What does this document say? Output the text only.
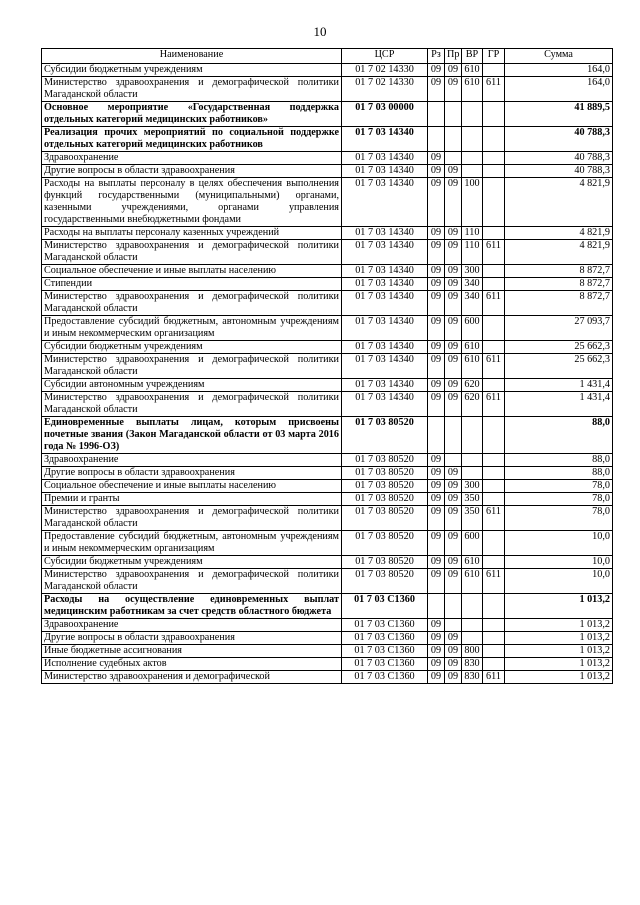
10
Наименование	ЦСР	Рз	Пр	ВР	ГР	Сумма
Субсидии бюджетным учреждениям	01 7 02 14330	09	09	610		164,0
Министерство здравоохранения и демографической политики Магаданской области	01 7 02 14330	09	09	610	611	164,0
Основное мероприятие «Государственная поддержка отдельных категорий медицинских работников»	01 7 03 00000					41 889,5
Реализация прочих мероприятий по социальной поддержке отдельных категорий медицинских работников	01 7 03 14340					40 788,3
Здравоохранение	01 7 03 14340	09				40 788,3
Другие вопросы в области здравоохранения	01 7 03 14340	09	09			40 788,3
Расходы на выплаты персоналу в целях обеспечения выполнения функций государственными (муниципальными) органами, казенными учреждениями, органами управления государственными внебюджетными фондами	01 7 03 14340	09	09	100		4 821,9
Расходы на выплаты персоналу казенных учреждений	01 7 03 14340	09	09	110		4 821,9
Министерство здравоохранения и демографической политики Магаданской области	01 7 03 14340	09	09	110	611	4 821,9
Социальное обеспечение и иные выплаты населению	01 7 03 14340	09	09	300		8 872,7
Стипендии	01 7 03 14340	09	09	340		8 872,7
Министерство здравоохранения и демографической политики Магаданской области	01 7 03 14340	09	09	340	611	8 872,7
Предоставление субсидий бюджетным, автономным учреждениям и иным некоммерческим организациям	01 7 03 14340	09	09	600		27 093,7
Субсидии бюджетным учреждениям	01 7 03 14340	09	09	610		25 662,3
Министерство здравоохранения и демографической политики Магаданской области	01 7 03 14340	09	09	610	611	25 662,3
Субсидии автономным учреждениям	01 7 03 14340	09	09	620		1 431,4
Министерство здравоохранения и демографической политики Магаданской области	01 7 03 14340	09	09	620	611	1 431,4
Единовременные выплаты лицам, которым присвоены почетные звания (Закон Магаданской области от 03 марта 2016 года № 1996-ОЗ)	01 7 03 80520					88,0
Здравоохранение	01 7 03 80520	09				88,0
Другие вопросы в области здравоохранения	01 7 03 80520	09	09			88,0
Социальное обеспечение и иные выплаты населению	01 7 03 80520	09	09	300		78,0
Премии и гранты	01 7 03 80520	09	09	350		78,0
Министерство здравоохранения и демографической политики Магаданской области	01 7 03 80520	09	09	350	611	78,0
Предоставление субсидий бюджетным, автономным учреждениям и иным некоммерческим организациям	01 7 03 80520	09	09	600		10,0
Субсидии бюджетным учреждениям	01 7 03 80520	09	09	610		10,0
Министерство здравоохранения и демографической политики Магаданской области	01 7 03 80520	09	09	610	611	10,0
Расходы на осуществление единовременных выплат медицинским работникам за счет средств областного бюджета	01 7 03 С1360					1 013,2
Здравоохранение	01 7 03 С1360	09				1 013,2
Другие вопросы в области здравоохранения	01 7 03 С1360	09	09			1 013,2
Иные бюджетные ассигнования	01 7 03 С1360	09	09	800		1 013,2
Исполнение судебных актов	01 7 03 С1360	09	09	830		1 013,2
Министерство здравоохранения и демографической	01 7 03 С1360	09	09	830	611	1 013,2
